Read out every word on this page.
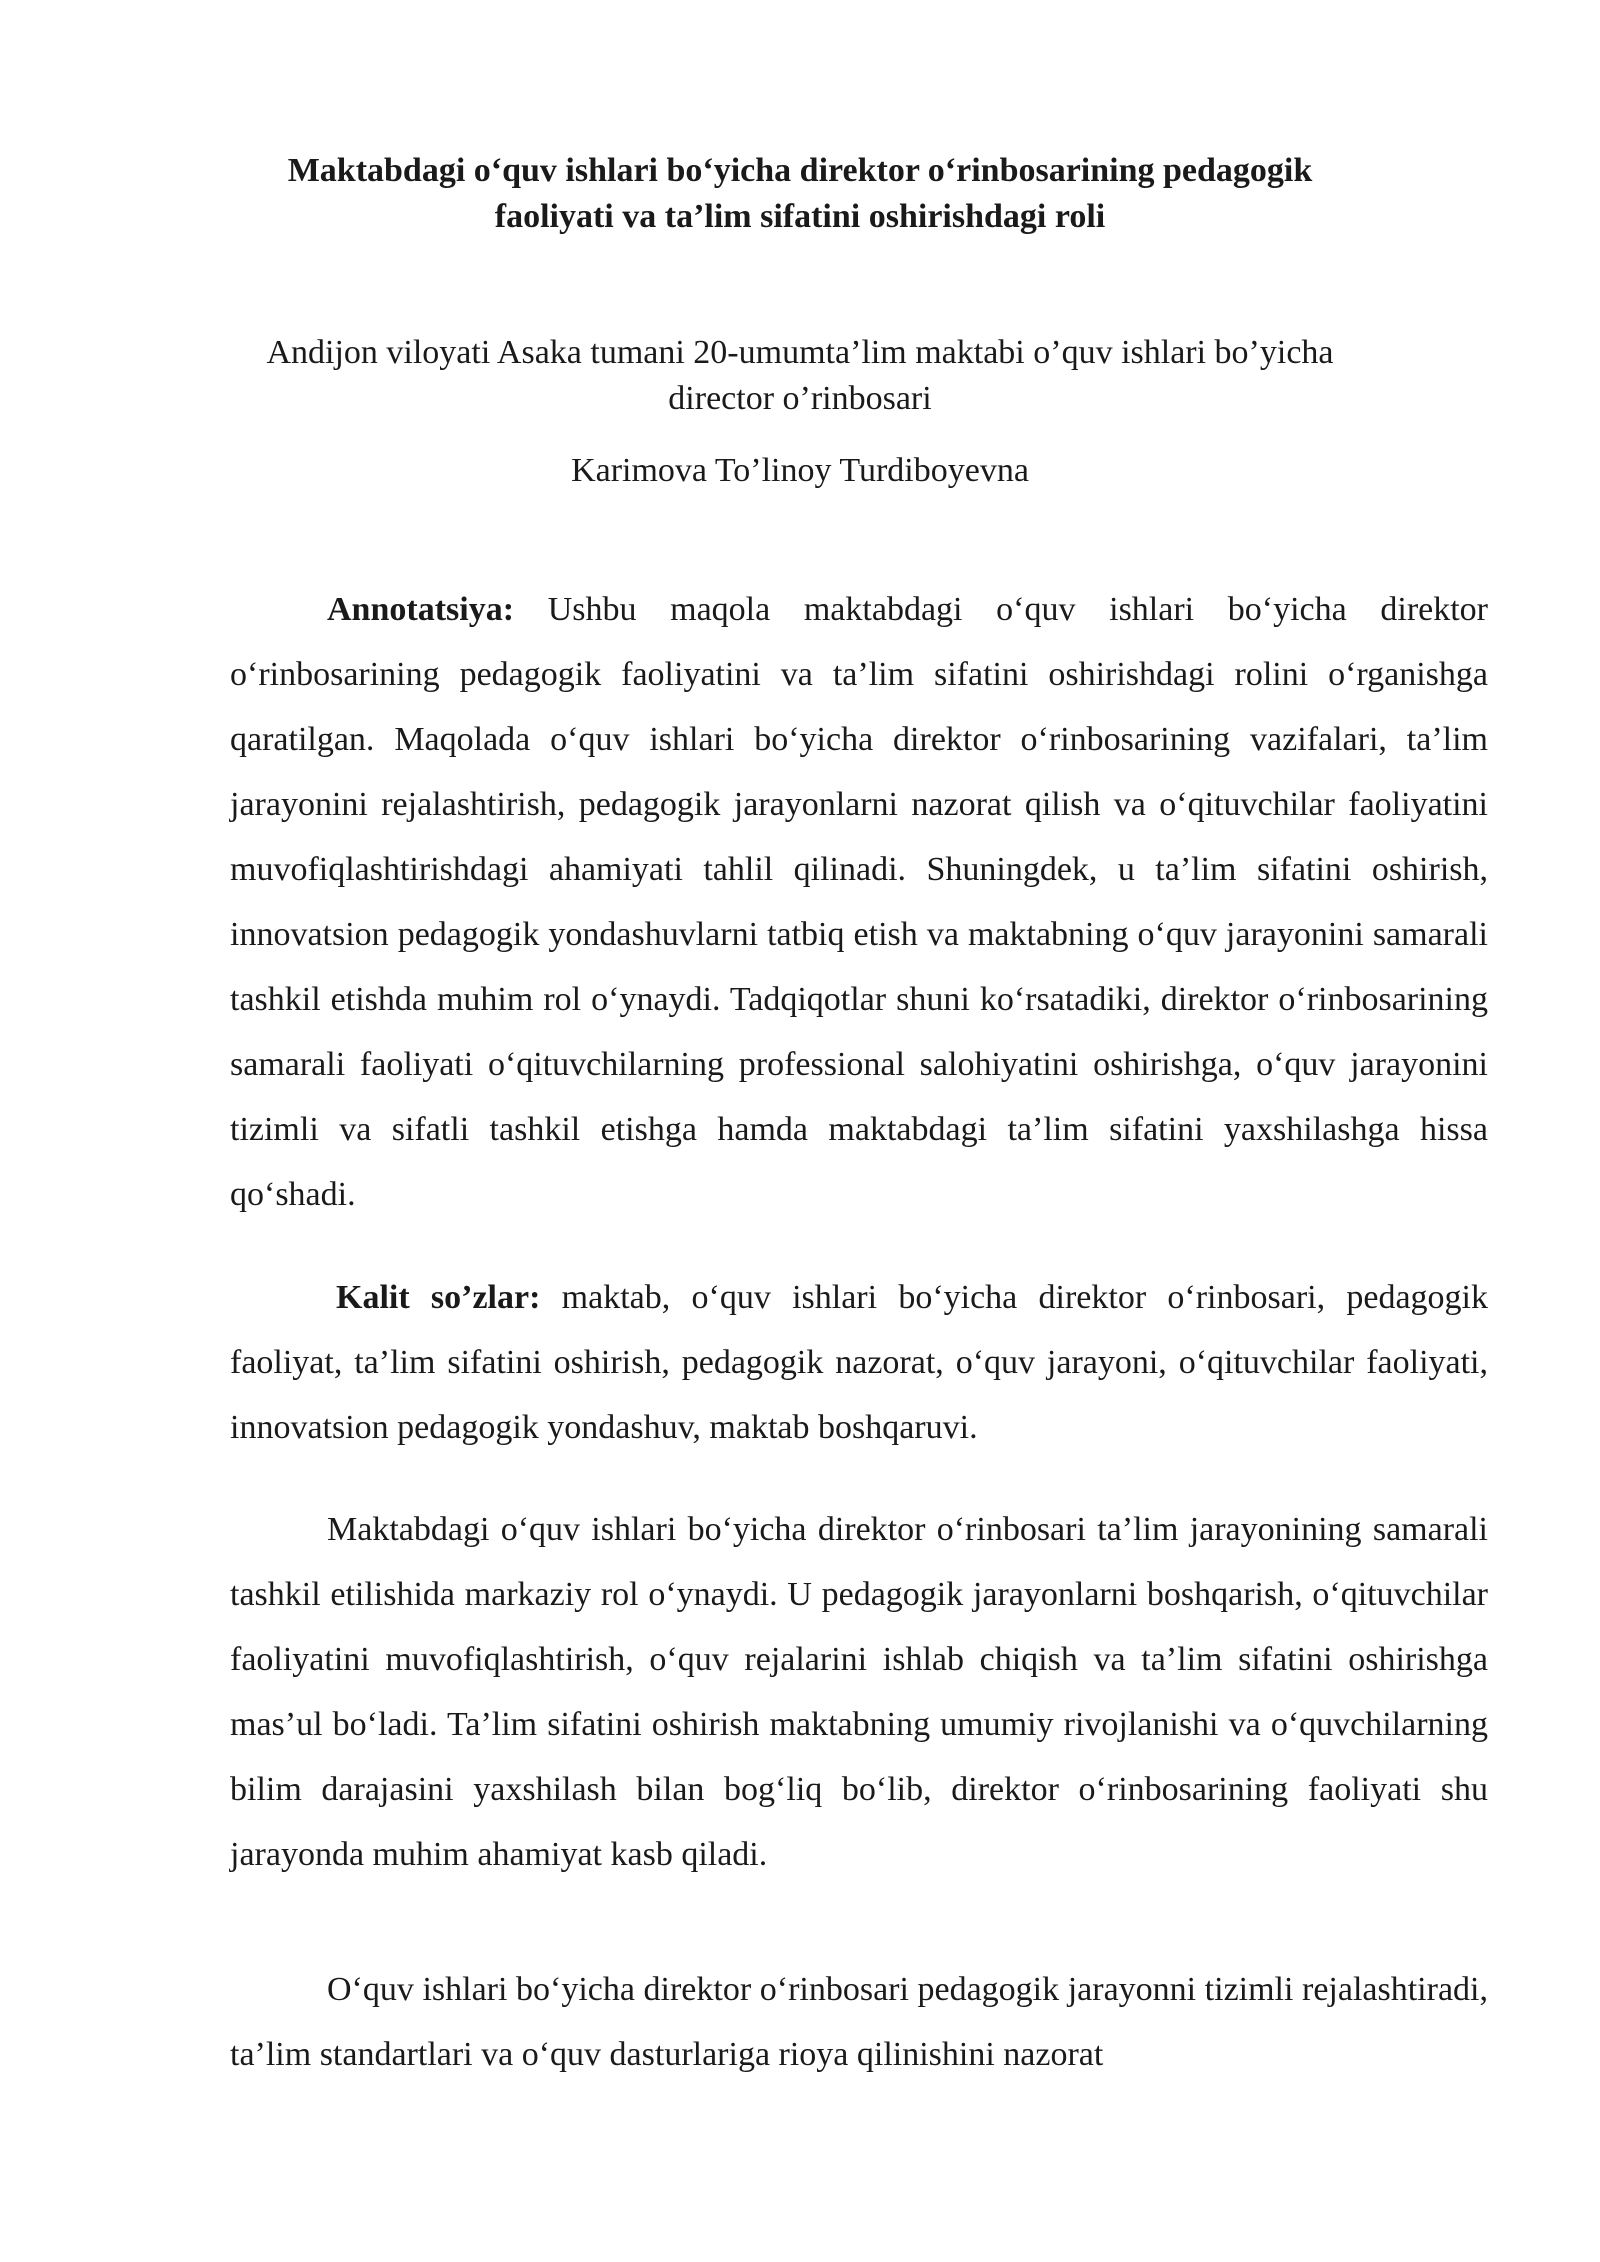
Maktabdagi o‘quv ishlari bo‘yicha direktor o‘rinbosarining pedagogik faoliyati va ta’lim sifatini oshirishdagi roli

Andijon viloyati Asaka tumani 20-umumta’lim maktabi o’quv ishlari bo’yicha
director o’rinbosari

Karimova To’linoy Turdiboyevna

Annotatsiya: Ushbu maqola maktabdagi o‘quv ishlari bo‘yicha direktor o‘rinbosarining pedagogik faoliyatini va ta’lim sifatini oshirishdagi rolini o‘rganishga qaratilgan. Maqolada o‘quv ishlari bo‘yicha direktor o‘rinbosarining vazifalari, ta’lim jarayonini rejalashtirish, pedagogik jarayonlarni nazorat qilish va o‘qituvchilar faoliyatini muvofiqlashtirishdagi ahamiyati tahlil qilinadi. Shuningdek, u ta’lim sifatini oshirish, innovatsion pedagogik yondashuvlarni tatbiq etish va maktabning o‘quv jarayonini samarali tashkil etishda muhim rol o‘ynaydi. Tadqiqotlar shuni ko‘rsatadiki, direktor o‘rinbosarining samarali faoliyati o‘qituvchilarning professional salohiyatini oshirishga, o‘quv jarayonini tizimli va sifatli tashkil etishga hamda maktabdagi ta’lim sifatini yaxshilashga hissa qo‘shadi.

Kalit so’zlar: maktab, o‘quv ishlari bo‘yicha direktor o‘rinbosari, pedagogik faoliyat, ta’lim sifatini oshirish, pedagogik nazorat, o‘quv jarayoni, o‘qituvchilar faoliyati, innovatsion pedagogik yondashuv, maktab boshqaruvi.

Maktabdagi o‘quv ishlari bo‘yicha direktor o‘rinbosari ta’lim jarayonining samarali tashkil etilishida markaziy rol o‘ynaydi. U pedagogik jarayonlarni boshqarish, o‘qituvchilar faoliyatini muvofiqlashtirish, o‘quv rejalarini ishlab chiqish va ta’lim sifatini oshirishga mas’ul bo‘ladi. Ta’lim sifatini oshirish maktabning umumiy rivojlanishi va o‘quvchilarning bilim darajasini yaxshilash bilan bog‘liq bo‘lib, direktor o‘rinbosarining faoliyati shu jarayonda muhim ahamiyat kasb qiladi.

O‘quv ishlari bo‘yicha direktor o‘rinbosari pedagogik jarayonni tizimli rejalashtiradi, ta’lim standartlari va o‘quv dasturlariga rioya qilinishini nazorat
